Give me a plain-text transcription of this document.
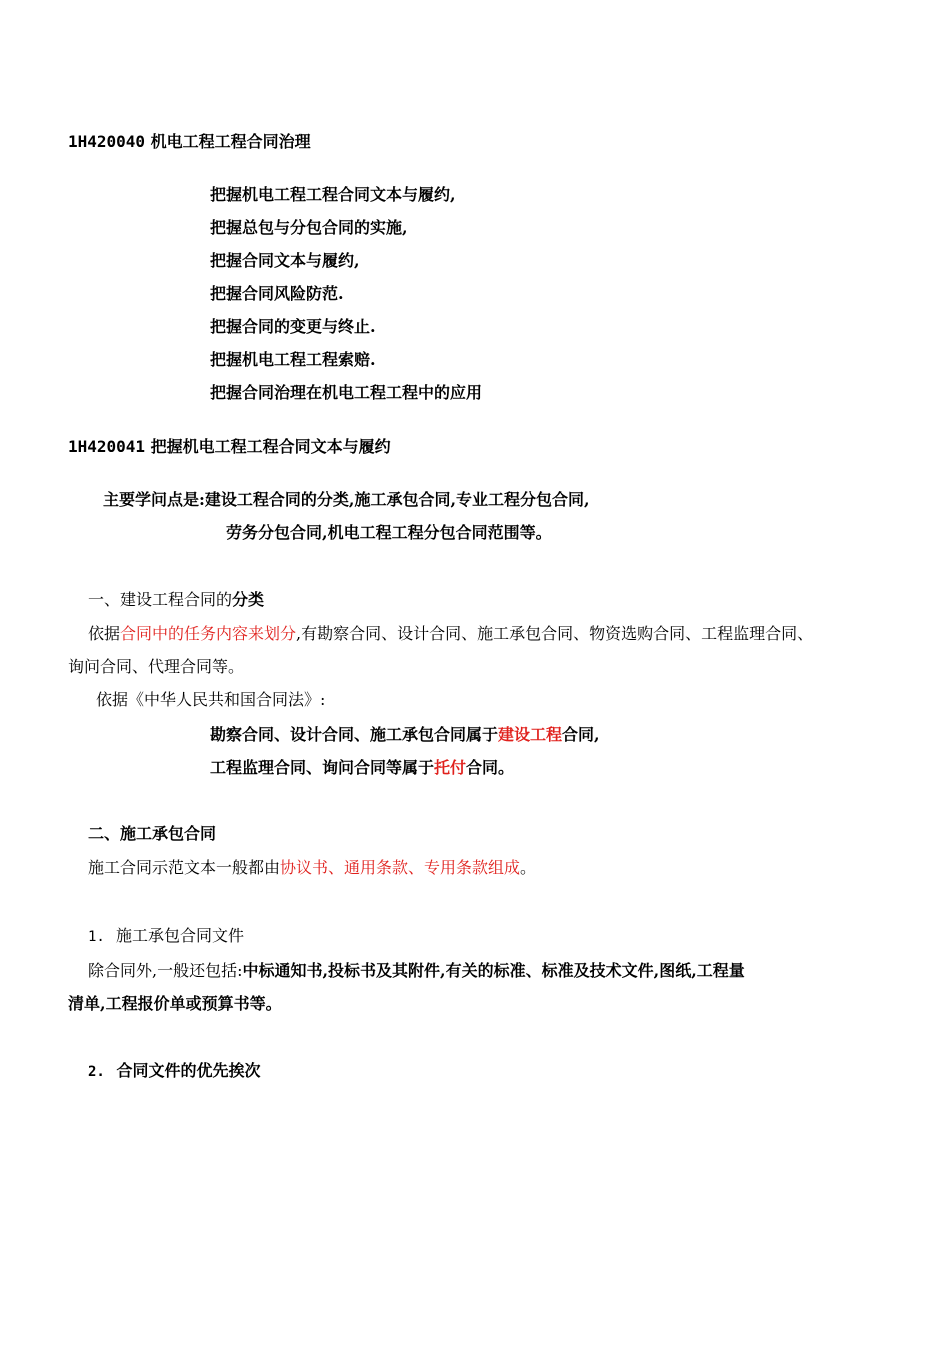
1H420040 机电工程工程合同治理
把握机电工程工程合同文本与履约,
把握总包与分包合同的实施,
把握合同文本与履约,
把握合同风险防范.
把握合同的变更与终止.
把握机电工程工程索赔.
把握合同治理在机电工程工程中的应用
1H420041 把握机电工程工程合同文本与履约
主要学问点是:建设工程合同的分类,施工承包合同,专业工程分包合同,
劳务分包合同,机电工程工程分包合同范围等。
一、建设工程合同的分类
依据合同中的任务内容来划分,有勘察合同、设计合同、施工承包合同、物资选购合同、工程监理合同、
询问合同、代理合同等。
依据《中华人民共和国合同法》:
勘察合同、设计合同、施工承包合同属于建设工程合同,
工程监理合同、询问合同等属于托付合同。
二、施工承包合同
施工合同示范文本一般都由协议书、通用条款、专用条款组成。
1. 施工承包合同文件
除合同外,一般还包括:中标通知书,投标书及其附件,有关的标准、标准及技术文件,图纸,工程量
清单,工程报价单或预算书等。
2. 合同文件的优先挨次
